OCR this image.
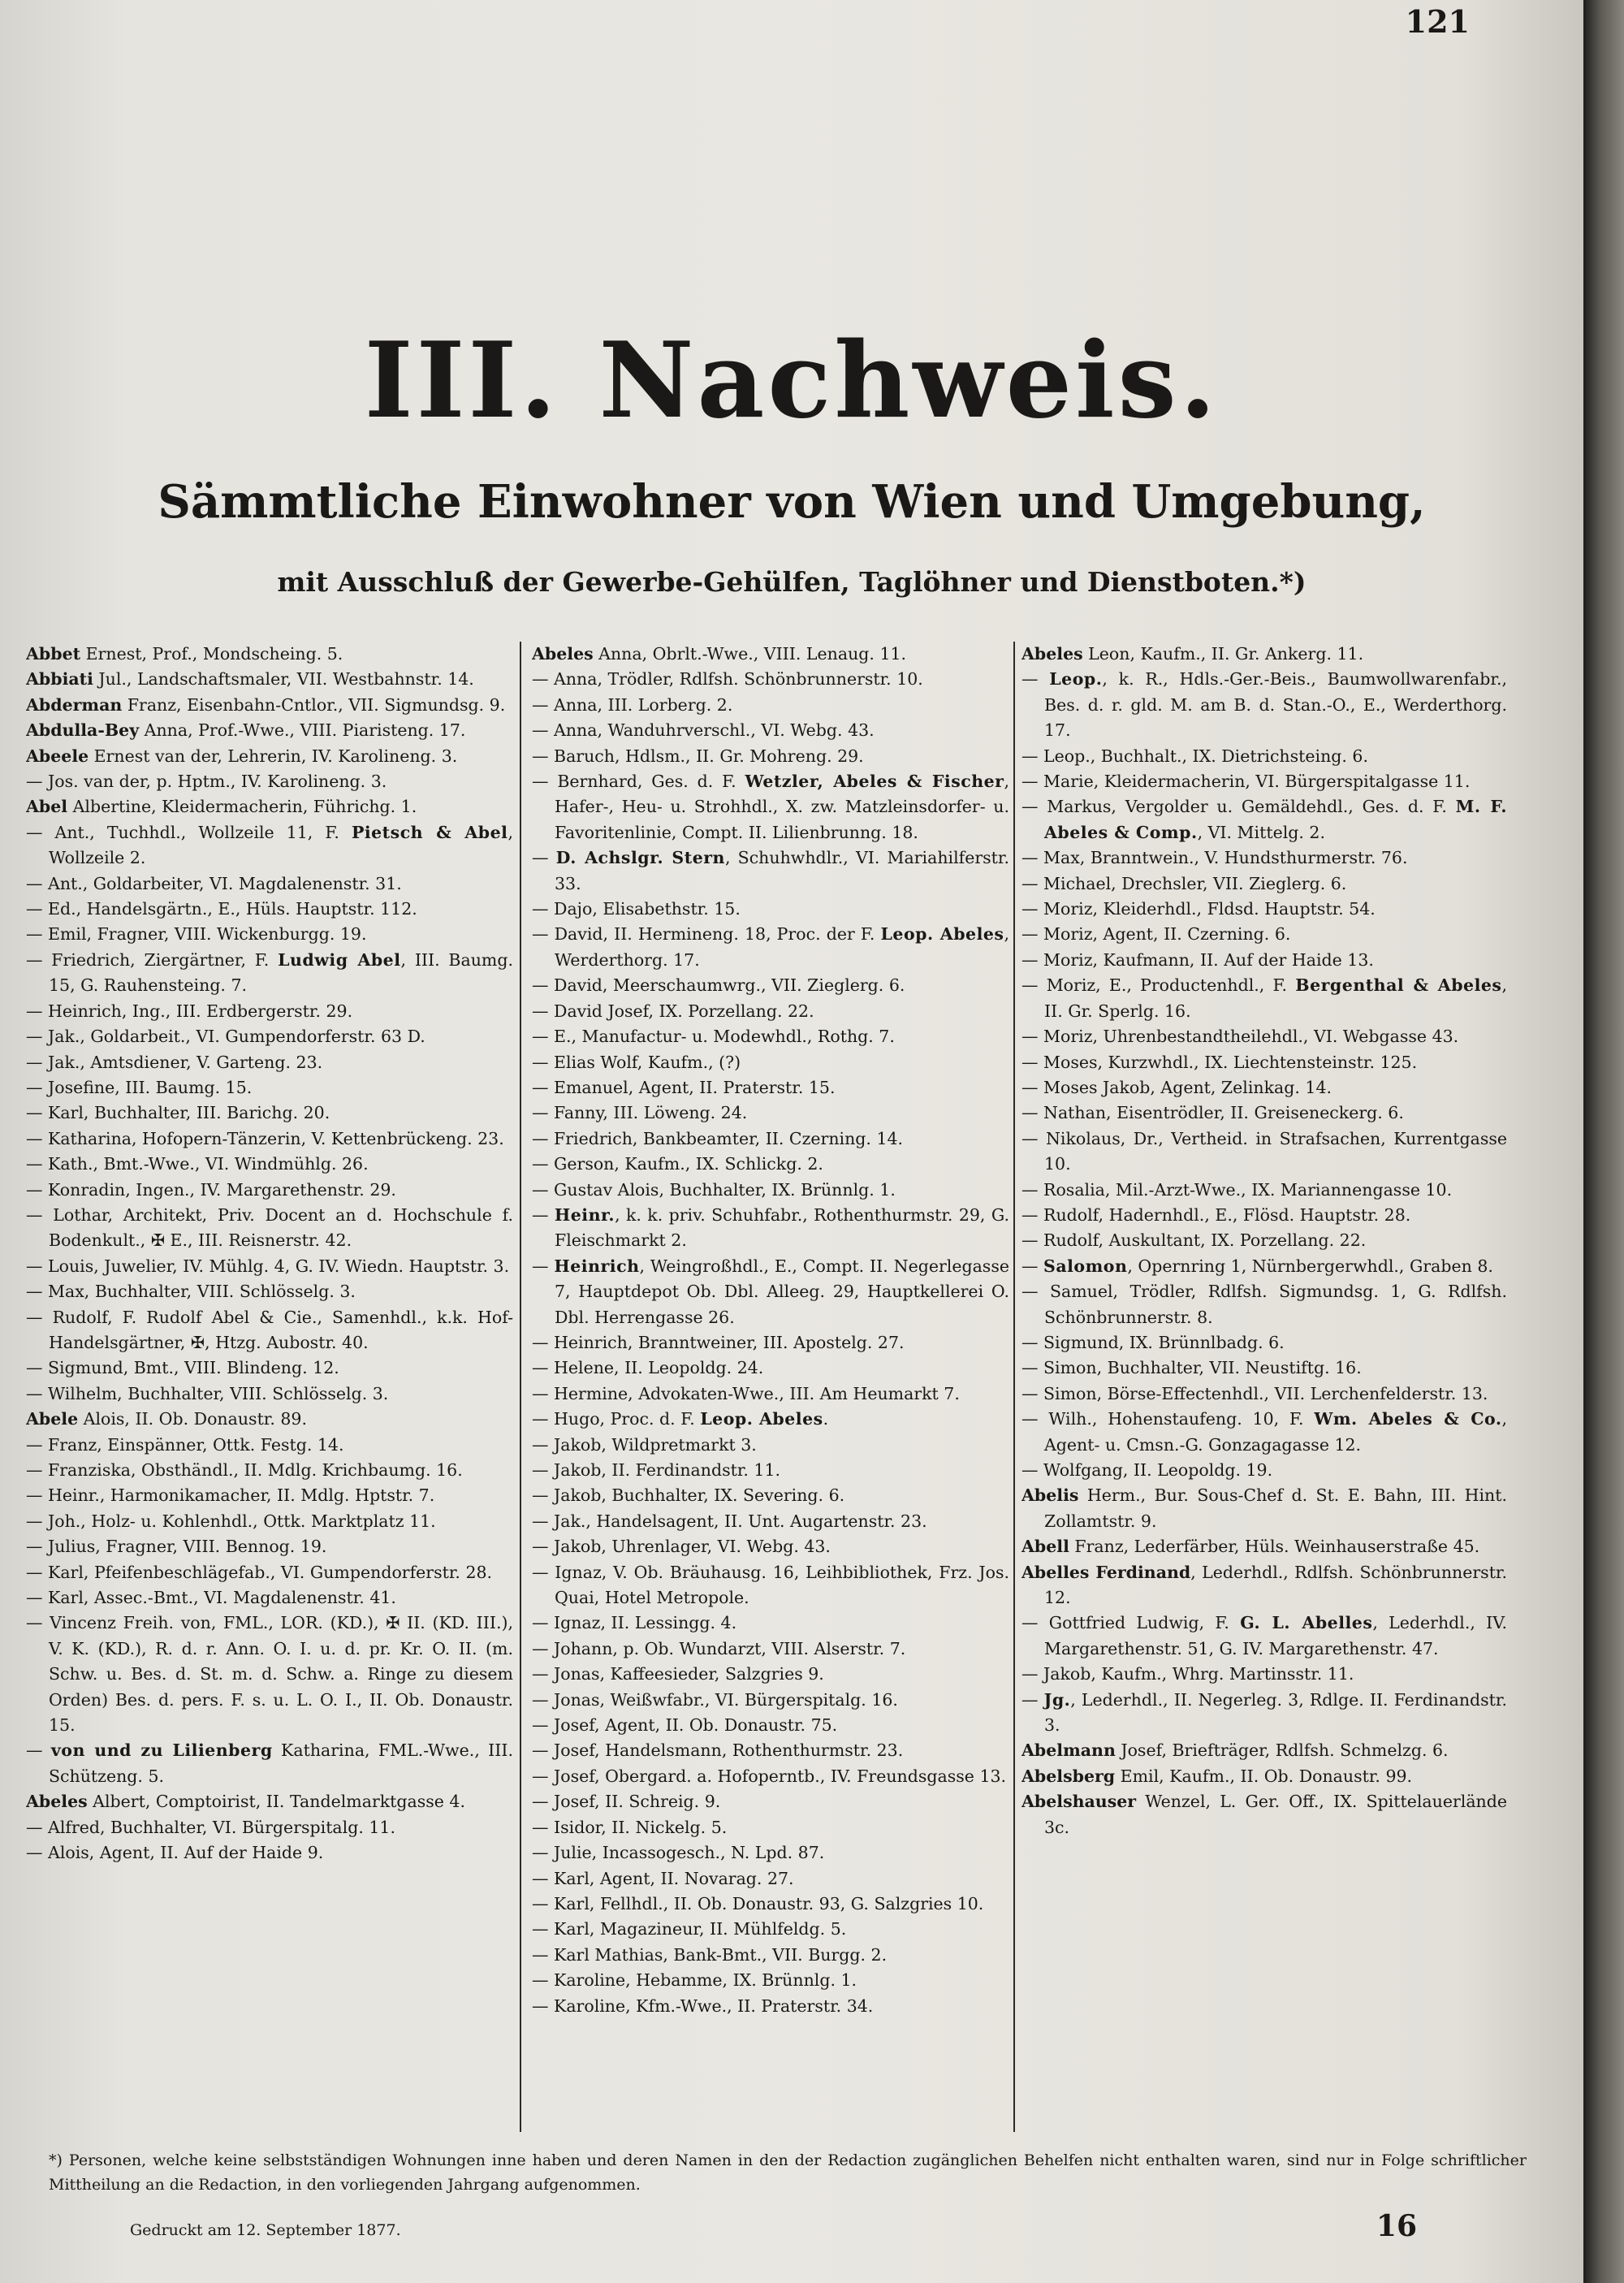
121
III. Nachweis.
Sämmtliche Einwohner von Wien und Umgebung,
mit Ausschluß der Gewerbe-Gehülfen, Taglöhner und Dienstboten.*)
Abbet Ernest, Prof., Mondscheing. 5.
Abbiati Jul., Landschaftsmaler, VII. Westbahnstr. 14.
Abderman Franz, Eisenbahn-Cntlor., VII. Sigmundsg. 9.
Abdulla-Bey Anna, Prof.-Wwe., VIII. Piaristeng. 17.
Abeele Ernest van der, Lehrerin, IV. Karolineng. 3.
— Jos. van der, p. Hptm., IV. Karolineng. 3.
Abel Albertine, Kleidermacherin, Führichg. 1.
— Ant., Tuchhdl., Wollzeile 11, F. Pietsch & Abel, Wollzeile 2.
— Ant., Goldarbeiter, VI. Magdalenenstr. 31.
— Ed., Handelsgärtn., E., Hüls. Hauptstr. 112.
— Emil, Fragner, VIII. Wickenburgg. 19.
— Friedrich, Ziergärtner, F. Ludwig Abel, III. Baumg. 15, G. Rauhensteing. 7.
— Heinrich, Ing., III. Erdbergerstr. 29.
— Jak., Goldarbeit., VI. Gumpendorferstr. 63 D.
— Jak., Amtsdiener, V. Garteng. 23.
— Josefine, III. Baumg. 15.
— Karl, Buchhalter, III. Barichg. 20.
— Katharina, Hofopern-Tänzerin, V. Kettenbrückeng. 23.
— Kath., Bmt.-Wwe., VI. Windmühlg. 26.
— Konradin, Ingen., IV. Margarethenstr. 29.
— Lothar, Architekt, Priv. Docent an d. Hochschule f. Bodenkult., ✠ E., III. Reisnerstr. 42.
— Louis, Juwelier, IV. Mühlg. 4, G. IV. Wiedn. Hauptstr. 3.
— Max, Buchhalter, VIII. Schlösselg. 3.
— Rudolf, F. Rudolf Abel & Cie., Samenhdl., k.k. Hof-Handelsgärtner, ✠, Htzg. Aubostr. 40.
— Sigmund, Bmt., VIII. Blindeng. 12.
— Wilhelm, Buchhalter, VIII. Schlösselg. 3.
Abele Alois, II. Ob. Donaustr. 89.
— Franz, Einspänner, Ottk. Festg. 14.
— Franziska, Obsthändl., II. Mdlg. Krichbaumg. 16.
— Heinr., Harmonikamacher, II. Mdlg. Hptstr. 7.
— Joh., Holz- u. Kohlenhdl., Ottk. Marktplatz 11.
— Julius, Fragner, VIII. Bennog. 19.
— Karl, Pfeifenbeschlägefab., VI. Gumpendorferstr. 28.
— Karl, Assec.-Bmt., VI. Magdalenenstr. 41.
— Vincenz Freih. von, FML., LOR. (KD.), ✠ II. (KD. III.), V. K. (KD.), R. d. r. Ann. O. I. u. d. pr. Kr. O. II. (m. Schw. u. Bes. d. St. m. d. Schw. a. Ringe zu diesem Orden) Bes. d. pers. F. s. u. L. O. I., II. Ob. Donaustr. 15.
— von und zu Lilienberg Katharina, FML.-Wwe., III. Schützeng. 5.
Abeles Albert, Comptoirist, II. Tandelmarktgasse 4.
— Alfred, Buchhalter, VI. Bürgerspitalg. 11.
— Alois, Agent, II. Auf der Haide 9.
Abeles Anna, Obrlt.-Wwe., VIII. Lenaug. 11.
— Anna, Trödler, Rdlfsh. Schönbrunnerstr. 10.
— Anna, III. Lorberg. 2.
— Anna, Wanduhrverschl., VI. Webg. 43.
— Baruch, Hdlsm., II. Gr. Mohreng. 29.
— Bernhard, Ges. d. F. Wetzler, Abeles & Fischer, Hafer-, Heu- u. Strohhdl., X. zw. Matzleinsdorfer- u. Favoritenlinie, Compt. II. Lilienbrunng. 18.
— D. Achslgr. Stern, Schuhwhdlr., VI. Mariahilferstr. 33.
— Dajo, Elisabethstr. 15.
— David, II. Hermineng. 18, Proc. der F. Leop. Abeles, Werderthorg. 17.
— David, Meerschaumwrg., VII. Zieglerg. 6.
— David Josef, IX. Porzellang. 22.
— E., Manufactur- u. Modewhdl., Rothg. 7.
— Elias Wolf, Kaufm., (?)
— Emanuel, Agent, II. Praterstr. 15.
— Fanny, III. Löweng. 24.
— Friedrich, Bankbeamter, II. Czerning. 14.
— Gerson, Kaufm., IX. Schlickg. 2.
— Gustav Alois, Buchhalter, IX. Brünnlg. 1.
— Heinr., k. k. priv. Schuhfabr., Rothenthurmstr. 29, G. Fleischmarkt 2.
— Heinrich, Weingroßhdl., E., Compt. II. Negerlegasse 7, Hauptdepot Ob. Dbl. Alleeg. 29, Hauptkellerei O. Dbl. Herrengasse 26.
— Heinrich, Branntweiner, III. Apostelg. 27.
— Helene, II. Leopoldg. 24.
— Hermine, Advokaten-Wwe., III. Am Heumarkt 7.
— Hugo, Proc. d. F. Leop. Abeles.
— Jakob, Wildpretmarkt 3.
— Jakob, II. Ferdinandstr. 11.
— Jakob, Buchhalter, IX. Severing. 6.
— Jak., Handelsagent, II. Unt. Augartenstr. 23.
— Jakob, Uhrenlager, VI. Webg. 43.
— Ignaz, V. Ob. Bräuhausg. 16, Leihbibliothek, Frz. Jos. Quai, Hotel Metropole.
— Ignaz, II. Lessingg. 4.
— Johann, p. Ob. Wundarzt, VIII. Alserstr. 7.
— Jonas, Kaffeesieder, Salzgries 9.
— Jonas, Weißwfabr., VI. Bürgerspitalg. 16.
— Josef, Agent, II. Ob. Donaustr. 75.
— Josef, Handelsmann, Rothenthurmstr. 23.
— Josef, Obergard. a. Hofoperntb., IV. Freundsgasse 13.
— Josef, II. Schreig. 9.
— Isidor, II. Nickelg. 5.
— Julie, Incassogesch., N. Lpd. 87.
— Karl, Agent, II. Novarag. 27.
— Karl, Fellhdl., II. Ob. Donaustr. 93, G. Salzgries 10.
— Karl, Magazineur, II. Mühlfeldg. 5.
— Karl Mathias, Bank-Bmt., VII. Burgg. 2.
— Karoline, Hebamme, IX. Brünnlg. 1.
— Karoline, Kfm.-Wwe., II. Praterstr. 34.
Abeles Leon, Kaufm., II. Gr. Ankerg. 11.
— Leop., k. R., Hdls.-Ger.-Beis., Baumwollwarenfabr., Bes. d. r. gld. M. am B. d. Stan.-O., E., Werderthorg. 17.
— Leop., Buchhalt., IX. Dietrichsteing. 6.
— Marie, Kleidermacherin, VI. Bürgerspitalgasse 11.
— Markus, Vergolder u. Gemäldehdl., Ges. d. F. M. F. Abeles & Comp., VI. Mittelg. 2.
— Max, Branntwein., V. Hundsthurmerstr. 76.
— Michael, Drechsler, VII. Zieglerg. 6.
— Moriz, Kleiderhdl., Fldsd. Hauptstr. 54.
— Moriz, Agent, II. Czerning. 6.
— Moriz, Kaufmann, II. Auf der Haide 13.
— Moriz, E., Productenhdl., F. Bergenthal & Abeles, II. Gr. Sperlg. 16.
— Moriz, Uhrenbestandtheilehdl., VI. Webgasse 43.
— Moses, Kurzwhdl., IX. Liechtensteinstr. 125.
— Moses Jakob, Agent, Zelinkag. 14.
— Nathan, Eisentrödler, II. Greiseneckerg. 6.
— Nikolaus, Dr., Vertheid. in Strafsachen, Kurrentgasse 10.
— Rosalia, Mil.-Arzt-Wwe., IX. Mariannengasse 10.
— Rudolf, Hadernhdl., E., Flösd. Hauptstr. 28.
— Rudolf, Auskultant, IX. Porzellang. 22.
— Salomon, Opernring 1, Nürnbergerwhdl., Graben 8.
— Samuel, Trödler, Rdlfsh. Sigmundsg. 1, G. Rdlfsh. Schönbrunnerstr. 8.
— Sigmund, IX. Brünnlbadg. 6.
— Simon, Buchhalter, VII. Neustiftg. 16.
— Simon, Börse-Effectenhdl., VII. Lerchenfelderstr. 13.
— Wilh., Hohenstaufeng. 10, F. Wm. Abeles & Co., Agent- u. Cmsn.-G. Gonzagagasse 12.
— Wolfgang, II. Leopoldg. 19.
Abelis Herm., Bur. Sous-Chef d. St. E. Bahn, III. Hint. Zollamtstr. 9.
Abell Franz, Lederfärber, Hüls. Weinhauserstraße 45.
Abelles Ferdinand, Lederhdl., Rdlfsh. Schönbrunnerstr. 12.
— Gottfried Ludwig, F. G. L. Abelles, Lederhdl., IV. Margarethenstr. 51, G. IV. Margarethenstr. 47.
— Jakob, Kaufm., Whrg. Martinsstr. 11.
— Jg., Lederhdl., II. Negerleg. 3, Rdlge. II. Ferdinandstr. 3.
Abelmann Josef, Briefträger, Rdlfsh. Schmelzg. 6.
Abelsberg Emil, Kaufm., II. Ob. Donaustr. 99.
Abelshauser Wenzel, L. Ger. Off., IX. Spittelauerlände 3c.
*) Personen, welche keine selbstständigen Wohnungen inne haben und deren Namen in den der Redaction zugänglichen Behelfen nicht enthalten waren, sind nur in Folge schriftlicher Mittheilung an die Redaction, in den vorliegenden Jahrgang aufgenommen.
Gedruckt am 12. September 1877.	16
